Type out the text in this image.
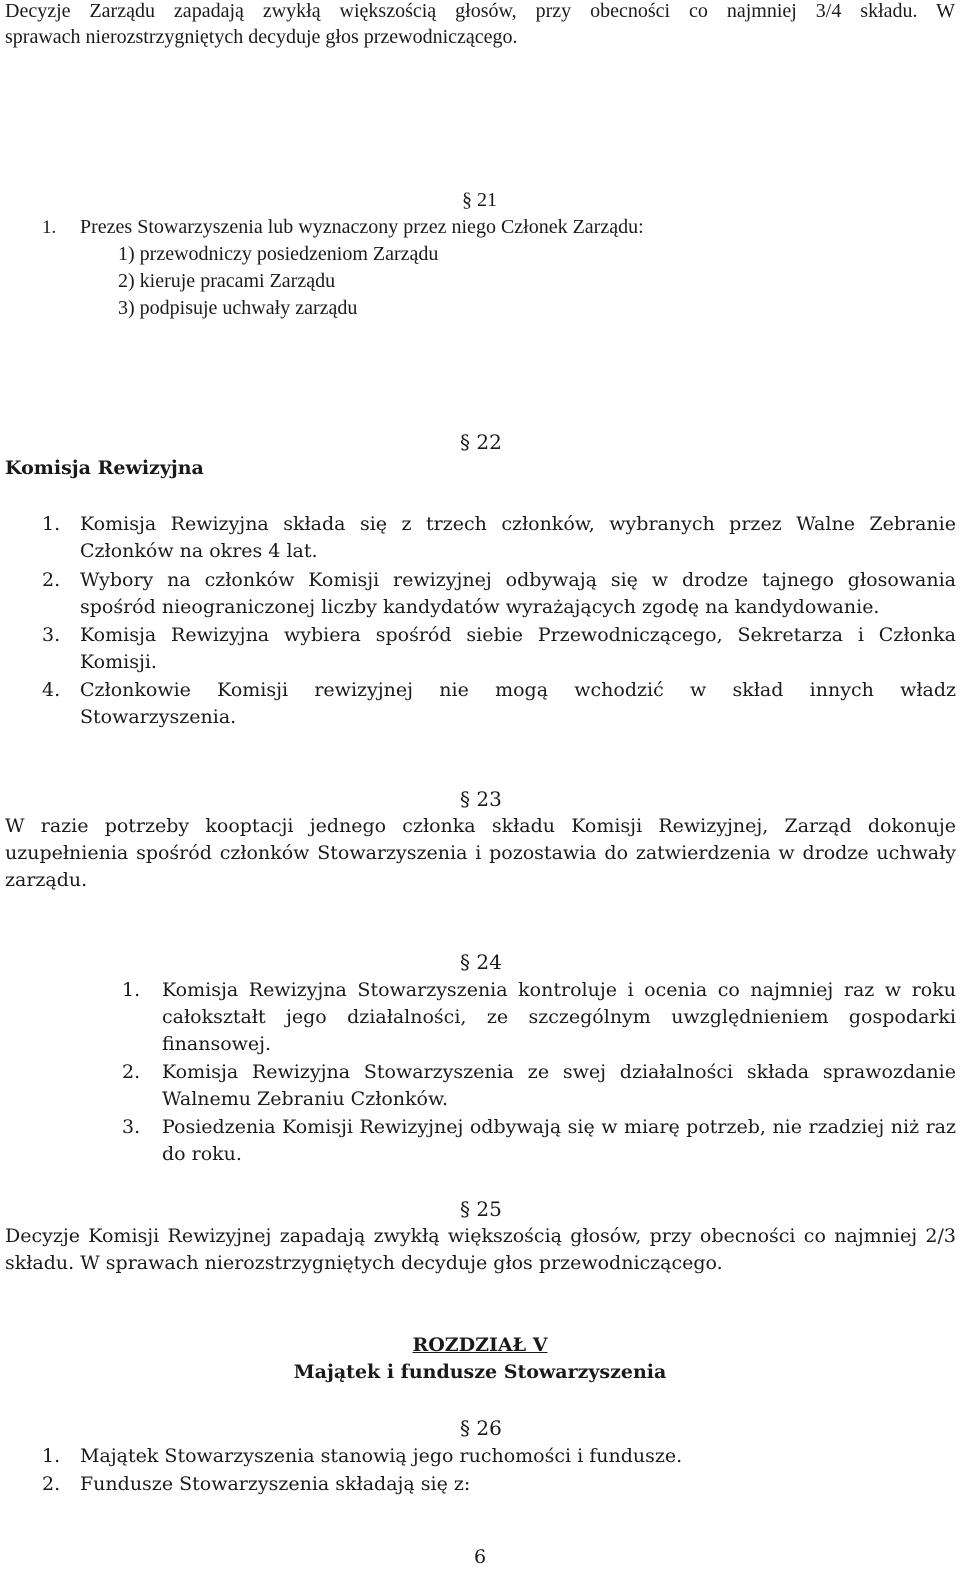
Decyzje Zarządu zapadają zwykłą większością głosów, przy obecności co najmniej 3/4 składu. W

sprawach nierozstrzygniętych decyduje głos przewodniczącego.

§ 21
1. Prezes Stowarzyszenia lub wyznaczony przez niego Członek Zarządu:
1) przewodniczy posiedzeniom Zarządu
2) kieruje pracami Zarządu
3) podpisuje uchwały zarządu
§ 22
Komisja Rewizyjna
1. Komisja Rewizyjna składa się z trzech członków, wybranych przez Walne Zebranie Członków na okres 4 lat.

2. Wybory na członków Komisji rewizyjnej odbywają się w drodze tajnego głosowania spośród nieograniczonej liczby kandydatów wyrażających zgodę na kandydowanie.

3. Komisja Rewizyjna wybiera spośród siebie Przewodniczącego, Sekretarza i Członka Komisji.

4. Członkowie Komisji rewizyjnej nie mogą wchodzić w skład innych władz Stowarzyszenia.

§ 23

W razie potrzeby kooptacji jednego członka składu Komisji Rewizyjnej, Zarząd dokonuje uzupełnienia spośród członków Stowarzyszenia i pozostawia do zatwierdzenia w drodze uchwały zarządu.

§ 24
1. Komisja Rewizyjna Stowarzyszenia kontroluje i ocenia co najmniej raz w roku całokształt jego działalności, ze szczególnym uwzględnieniem gospodarki finansowej.

2. Komisja Rewizyjna Stowarzyszenia ze swej działalności składa sprawozdanie Walnemu Zebraniu Członków.

3. Posiedzenia Komisji Rewizyjnej odbywają się w miarę potrzeb, nie rzadziej niż raz do roku.

§ 25

Decyzje Komisji Rewizyjnej zapadają zwykłą większością głosów, przy obecności co najmniej 2/3 składu. W sprawach nierozstrzygniętych decyduje głos przewodniczącego.

ROZDZIAŁ V
Majątek i fundusze Stowarzyszenia
§ 26
1. Majątek Stowarzyszenia stanowią jego ruchomości i fundusze.
2. Fundusze Stowarzyszenia składają się z:
6
